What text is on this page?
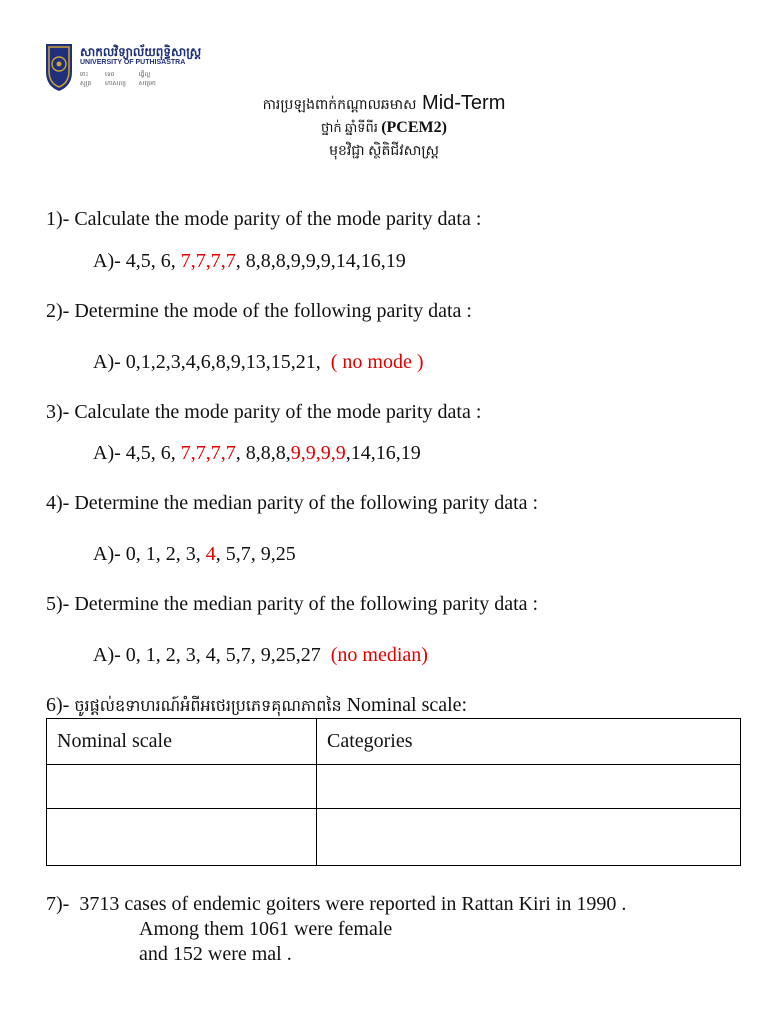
សាកលវិទ្យាល័យពុទ្ធិសាស្ត្រ
UNIVERSITY OF PUTHISASTRA
ចេះសូត្រ
ទេពកោសល្យ
ធើ្វល្អសម្រេច
ការប្រឡងពាក់កណ្ដាលឆមាស Mid-Term
ថ្នាក់ ឆ្នាំទីពីរ (PCEM2)
មុខវិជ្ជា ស្ថិតិជីវសាស្ត្រ
1)- Calculate the mode parity of the mode parity data :
A)- 4,5, 6, 7,7,7,7, 8,8,8,9,9,9,14,16,19
2)- Determine the mode of the following parity data :
A)- 0,1,2,3,4,6,8,9,13,15,21,  ( no mode )
3)- Calculate the mode parity of the mode parity data :
A)- 4,5, 6, 7,7,7,7, 8,8,8,9,9,9,9,14,16,19
4)- Determine the median parity of the following parity data :
A)- 0, 1, 2, 3, 4, 5,7, 9,25
5)- Determine the median parity of the following parity data :
A)- 0, 1, 2, 3, 4, 5,7, 9,25,27  (no median)
6)- ចូរផ្ដល់ឧទាហរណ៍អំពីអថេរប្រភេទគុណភាពនៃ Nominal scale:
Nominal scale	Categories

7)-  3713 cases of endemic goiters were reported in Rattan Kiri in 1990 .
Among them 1061 were female
and 152 were mal .
